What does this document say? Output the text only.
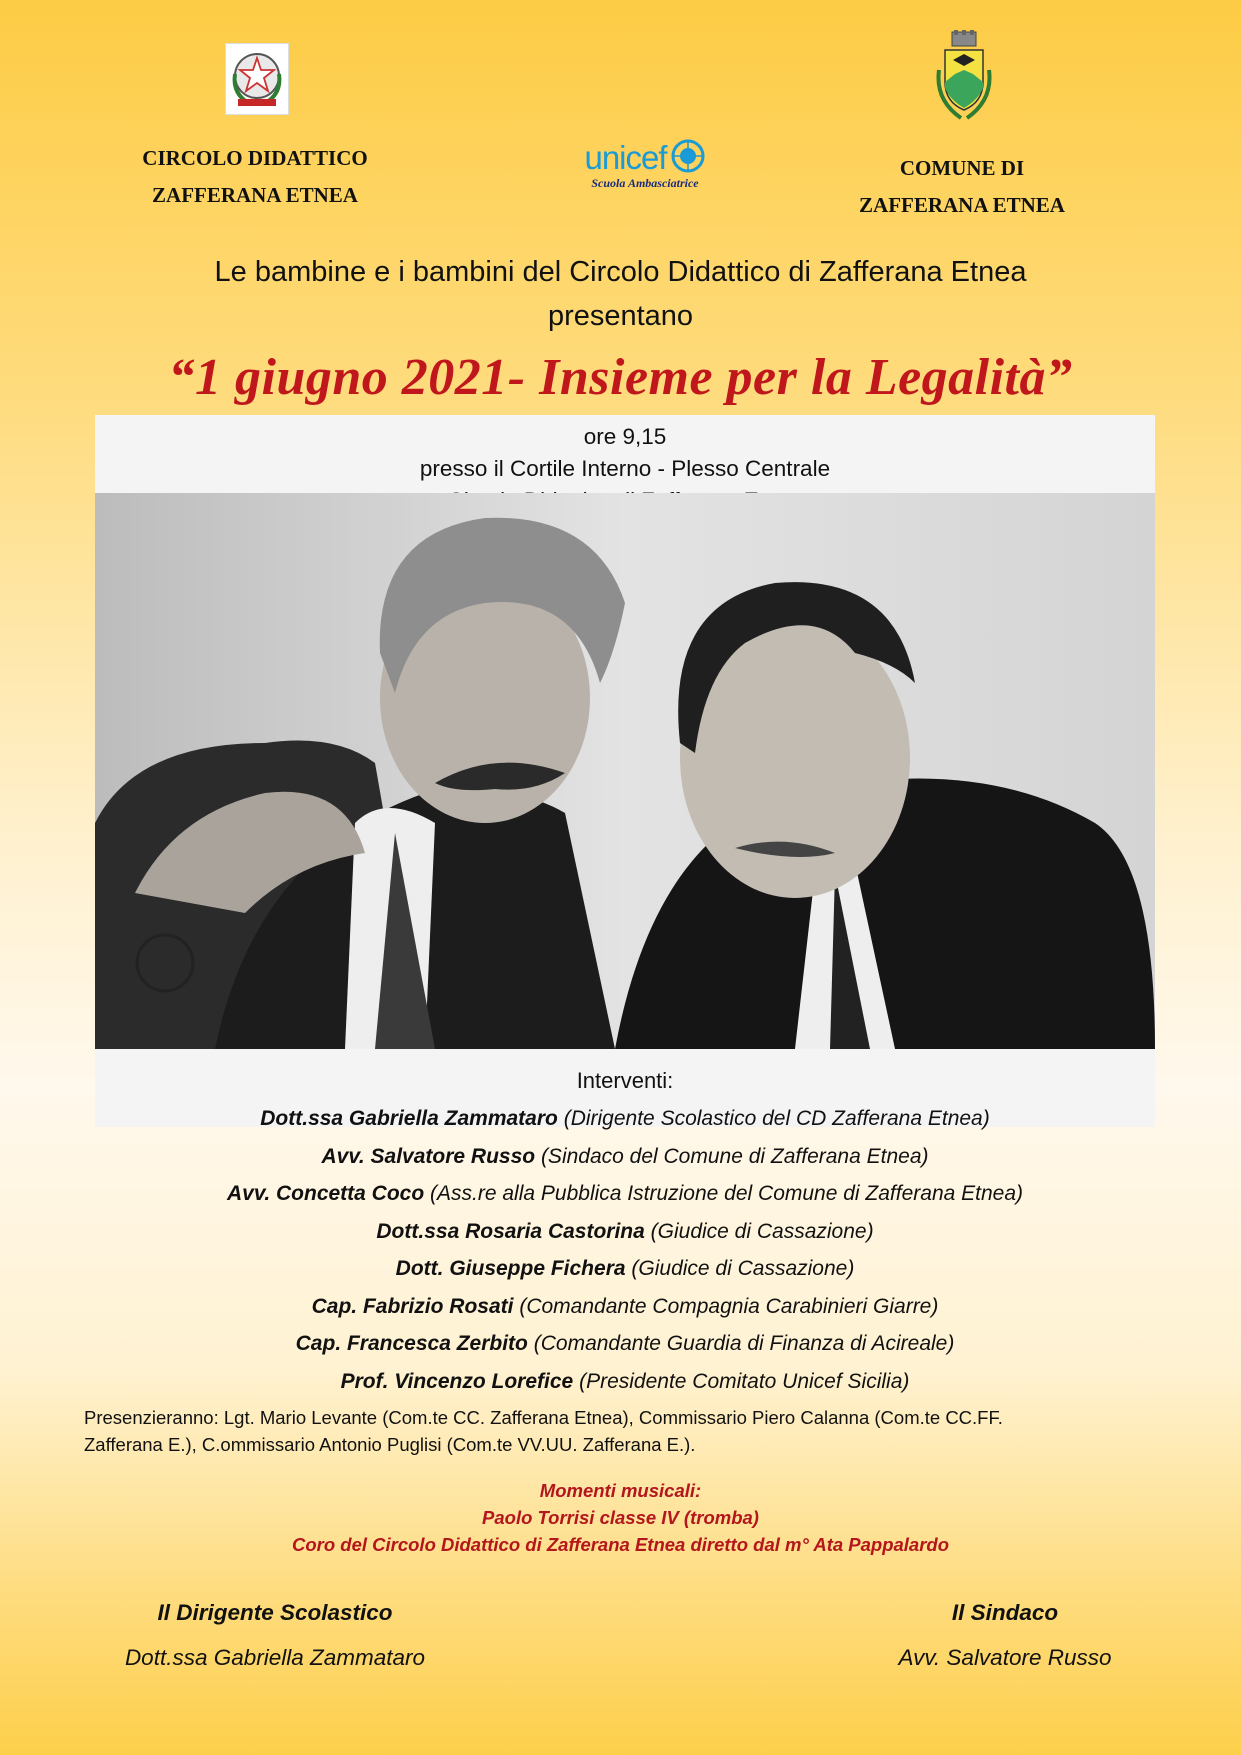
CIRCOLO DIDATTICO
ZAFFERANA ETNEA
unicef
Scuola Ambasciatrice
COMUNE DI
ZAFFERANA ETNEA
Le bambine e i bambini del Circolo Didattico di Zafferana Etnea
presentano
“1 giugno 2021- Insieme per la Legalità”
ore 9,15
presso il Cortile Interno - Plesso Centrale
Interventi:
Dott.ssa Gabriella Zammataro (Dirigente Scolastico del CD Zafferana Etnea)
Avv. Salvatore Russo (Sindaco del Comune di Zafferana Etnea)
Avv. Concetta Coco (Ass.re alla Pubblica Istruzione del Comune di Zafferana Etnea)
Dott.ssa Rosaria Castorina (Giudice di Cassazione)
Dott. Giuseppe Fichera (Giudice di Cassazione)
Cap. Fabrizio Rosati (Comandante Compagnia Carabinieri Giarre)
Cap. Francesca Zerbito (Comandante Guardia di Finanza di Acireale)
Prof. Vincenzo Lorefice (Presidente Comitato Unicef Sicilia)
Presenzieranno: Lgt. Mario Levante (Com.te CC. Zafferana Etnea), Commissario Piero Calanna (Com.te CC.FF.
Zafferana E.), C.ommissario Antonio Puglisi (Com.te VV.UU. Zafferana E.).
Momenti musicali:
Paolo Torrisi classe IV (tromba)
Coro del Circolo Didattico di Zafferana Etnea diretto dal m° Ata Pappalardo
Il Dirigente Scolastico
Dott.ssa Gabriella Zammataro
Il Sindaco
Avv. Salvatore Russo
